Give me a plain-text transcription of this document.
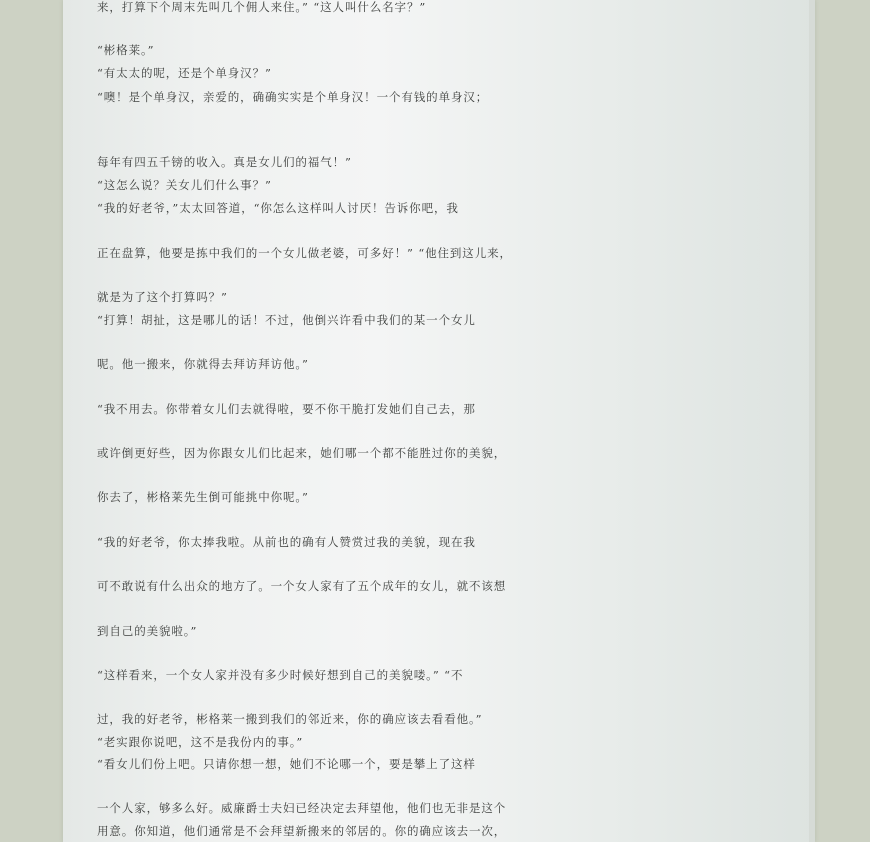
来，打算下个周末先叫几个佣人来住。” “这人叫什么名字？”
“彬格莱。”
“有太太的呢，还是个单身汉？”
“噢！是个单身汉，亲爱的，确确实实是个单身汉！一个有钱的单身汉；
每年有四五千镑的收入。真是女儿们的福气！”
“这怎么说？关女儿们什么事？”
“我的好老爷，”太太回答道，“你怎么这样叫人讨厌！告诉你吧，我
正在盘算，他要是拣中我们的一个女儿做老婆，可多好！” “他住到这儿来，
就是为了这个打算吗？”
“打算！胡扯，这是哪儿的话！不过，他倒兴许看中我们的某一个女儿
呢。他一搬来，你就得去拜访拜访他。”
“我不用去。你带着女儿们去就得啦，要不你干脆打发她们自己去，那
或许倒更好些，因为你跟女儿们比起来，她们哪一个都不能胜过你的美貌，
你去了，彬格莱先生倒可能挑中你呢。”
“我的好老爷，你太捧我啦。从前也的确有人赞赏过我的美貌，现在我
可不敢说有什么出众的地方了。一个女人家有了五个成年的女儿，就不该想
到自己的美貌啦。”
“这样看来，一个女人家并没有多少时候好想到自己的美貌喽。” “不
过，我的好老爷，彬格莱一搬到我们的邻近来，你的确应该去看看他。”
“老实跟你说吧，这不是我份内的事。”
“看女儿们份上吧。只请你想一想，她们不论哪一个，要是攀上了这样
一个人家，够多么好。威廉爵士夫妇已经决定去拜望他，他们也无非是这个
用意。你知道，他们通常是不会拜望新搬来的邻居的。你的确应该去一次，
